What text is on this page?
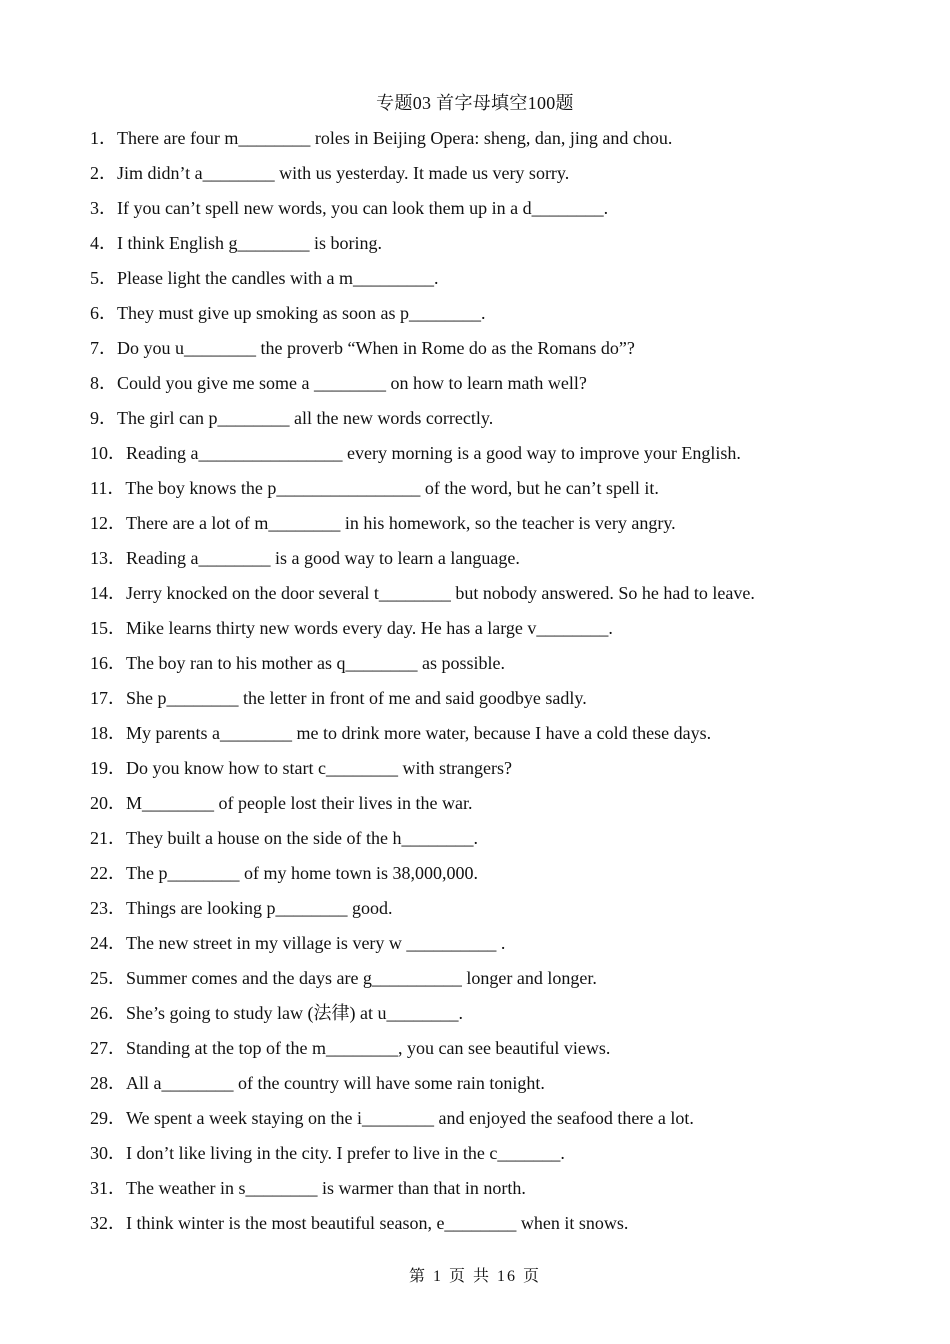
专题03 首字母填空100题
1．There are four m________ roles in Beijing Opera: sheng, dan, jing and chou.
2．Jim didn’t a________ with us yesterday. It made us very sorry.
3．If you can’t spell new words, you can look them up in a d________.
4．I think English g________ is boring.
5．Please light the candles with a m_________.
6．They must give up smoking as soon as p________.
7．Do you u________ the proverb “When in Rome do as the Romans do”?
8．Could you give me some a ________ on how to learn math well?
9．The girl can p________ all the new words correctly.
10．Reading a________________ every morning is a good way to improve your English.
11．The boy knows the p________________ of the word, but he can’t spell it.
12．There are a lot of m________ in his homework, so the teacher is very angry.
13．Reading a________ is a good way to learn a language.
14．Jerry knocked on the door several t________ but nobody answered. So he had to leave.
15．Mike learns thirty new words every day. He has a large v________.
16．The boy ran to his mother as q________ as possible.
17．She p________ the letter in front of me and said goodbye sadly.
18．My parents a________ me to drink more water, because I have a cold these days.
19．Do you know how to start c________ with strangers?
20．M________ of people lost their lives in the war.
21．They built a house on the side of the h________.
22．The p________ of my home town is 38,000,000.
23．Things are looking p________ good.
24．The new street in my village is very w __________ .
25．Summer comes and the days are g__________ longer and longer.
26．She’s going to study law (法律) at u________.
27．Standing at the top of the m________, you can see beautiful views.
28．All a________ of the country will have some rain tonight.
29．We spent a week staying on the i________ and enjoyed the seafood there a lot.
30．I don’t like living in the city. I prefer to live in the c_______.
31．The weather in s________ is warmer than that in north.
32．I think winter is the most beautiful season, e________ when it snows.
第 1 页 共 16 页
